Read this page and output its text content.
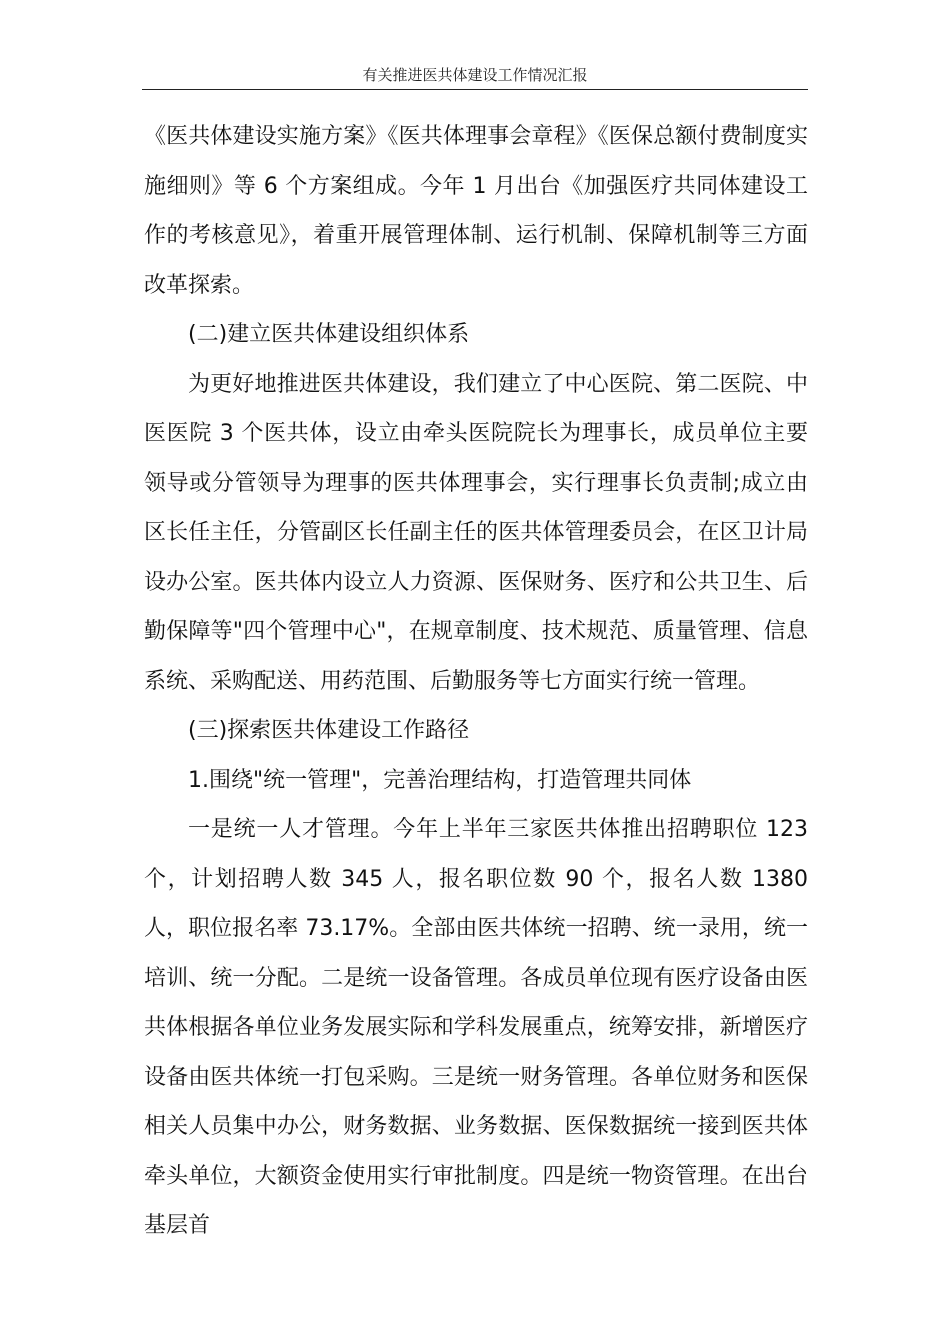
有关推进医共体建设工作情况汇报

《医共体建设实施方案》《医共体理事会章程》《医保总额付费制度实施细则》等 6 个方案组成。今年 1 月出台《加强医疗共同体建设工作的考核意见》，着重开展管理体制、运行机制、保障机制等三方面改革探索。

(二)建立医共体建设组织体系

为更好地推进医共体建设，我们建立了中心医院、第二医院、中医医院 3 个医共体，设立由牵头医院院长为理事长，成员单位主要领导或分管领导为理事的医共体理事会，实行理事长负责制;成立由区长任主任，分管副区长任副主任的医共体管理委员会，在区卫计局设办公室。医共体内设立人力资源、医保财务、医疗和公共卫生、后勤保障等"四个管理中心"，在规章制度、技术规范、质量管理、信息系统、采购配送、用药范围、后勤服务等七方面实行统一管理。

(三)探索医共体建设工作路径

1.围绕"统一管理"，完善治理结构，打造管理共同体

一是统一人才管理。今年上半年三家医共体推出招聘职位 123 个，计划招聘人数 345 人，报名职位数 90 个，报名人数 1380 人，职位报名率 73.17%。全部由医共体统一招聘、统一录用，统一培训、统一分配。二是统一设备管理。各成员单位现有医疗设备由医共体根据各单位业务发展实际和学科发展重点，统筹安排，新增医疗设备由医共体统一打包采购。三是统一财务管理。各单位财务和医保相关人员集中办公，财务数据、业务数据、医保数据统一接到医共体牵头单位，大额资金使用实行审批制度。四是统一物资管理。在出台基层首
